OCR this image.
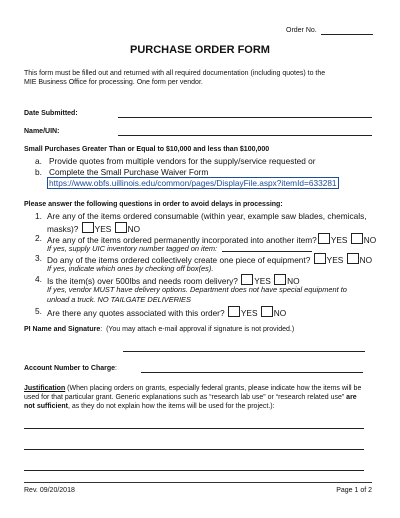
Order No.
PURCHASE ORDER FORM
This form must be filled out and returned with all required documentation (including quotes) to the
MIE Business Office for processing. One form per vendor.
Date Submitted:
Name/UIN:
Small Purchases Greater Than or Equal to $10,000 and less than $100,000
a. Provide quotes from multiple vendors for the supply/service requested or
b. Complete the Small Purchase Waiver Form
https://www.obfs.uillinois.edu/common/pages/DisplayFile.aspx?itemId=633281
Please answer the following questions in order to avoid delays in processing:
1. Are any of the items ordered consumable (within year, example saw blades, chemicals,
masks)? YES NO
2. Are any of the items ordered permanently incorporated into another item? YES NO
If yes, supply UIC inventory number tagged on item:
3. Do any of the items ordered collectively create one piece of equipment? YES NO
If yes, indicate which ones by checking off box(es).
4. Is the item(s) over 500lbs and needs room delivery? YES NO
If yes, vendor MUST have delivery options. Department does not have special equipment to
unload a truck. NO TAILGATE DELIVERIES
5. Are there any quotes associated with this order? YES NO
PI Name and Signature: (You may attach e-mail approval if signature is not provided.)
Account Number to Charge:
Justification (When placing orders on grants, especially federal grants, please indicate how the items will be
used for that particular grant. Generic explanations such as “research lab use” or “research related use” are
not sufficient, as they do not explain how the items will be used for the project.):
Rev. 09/20/2018	Page 1 of 2
